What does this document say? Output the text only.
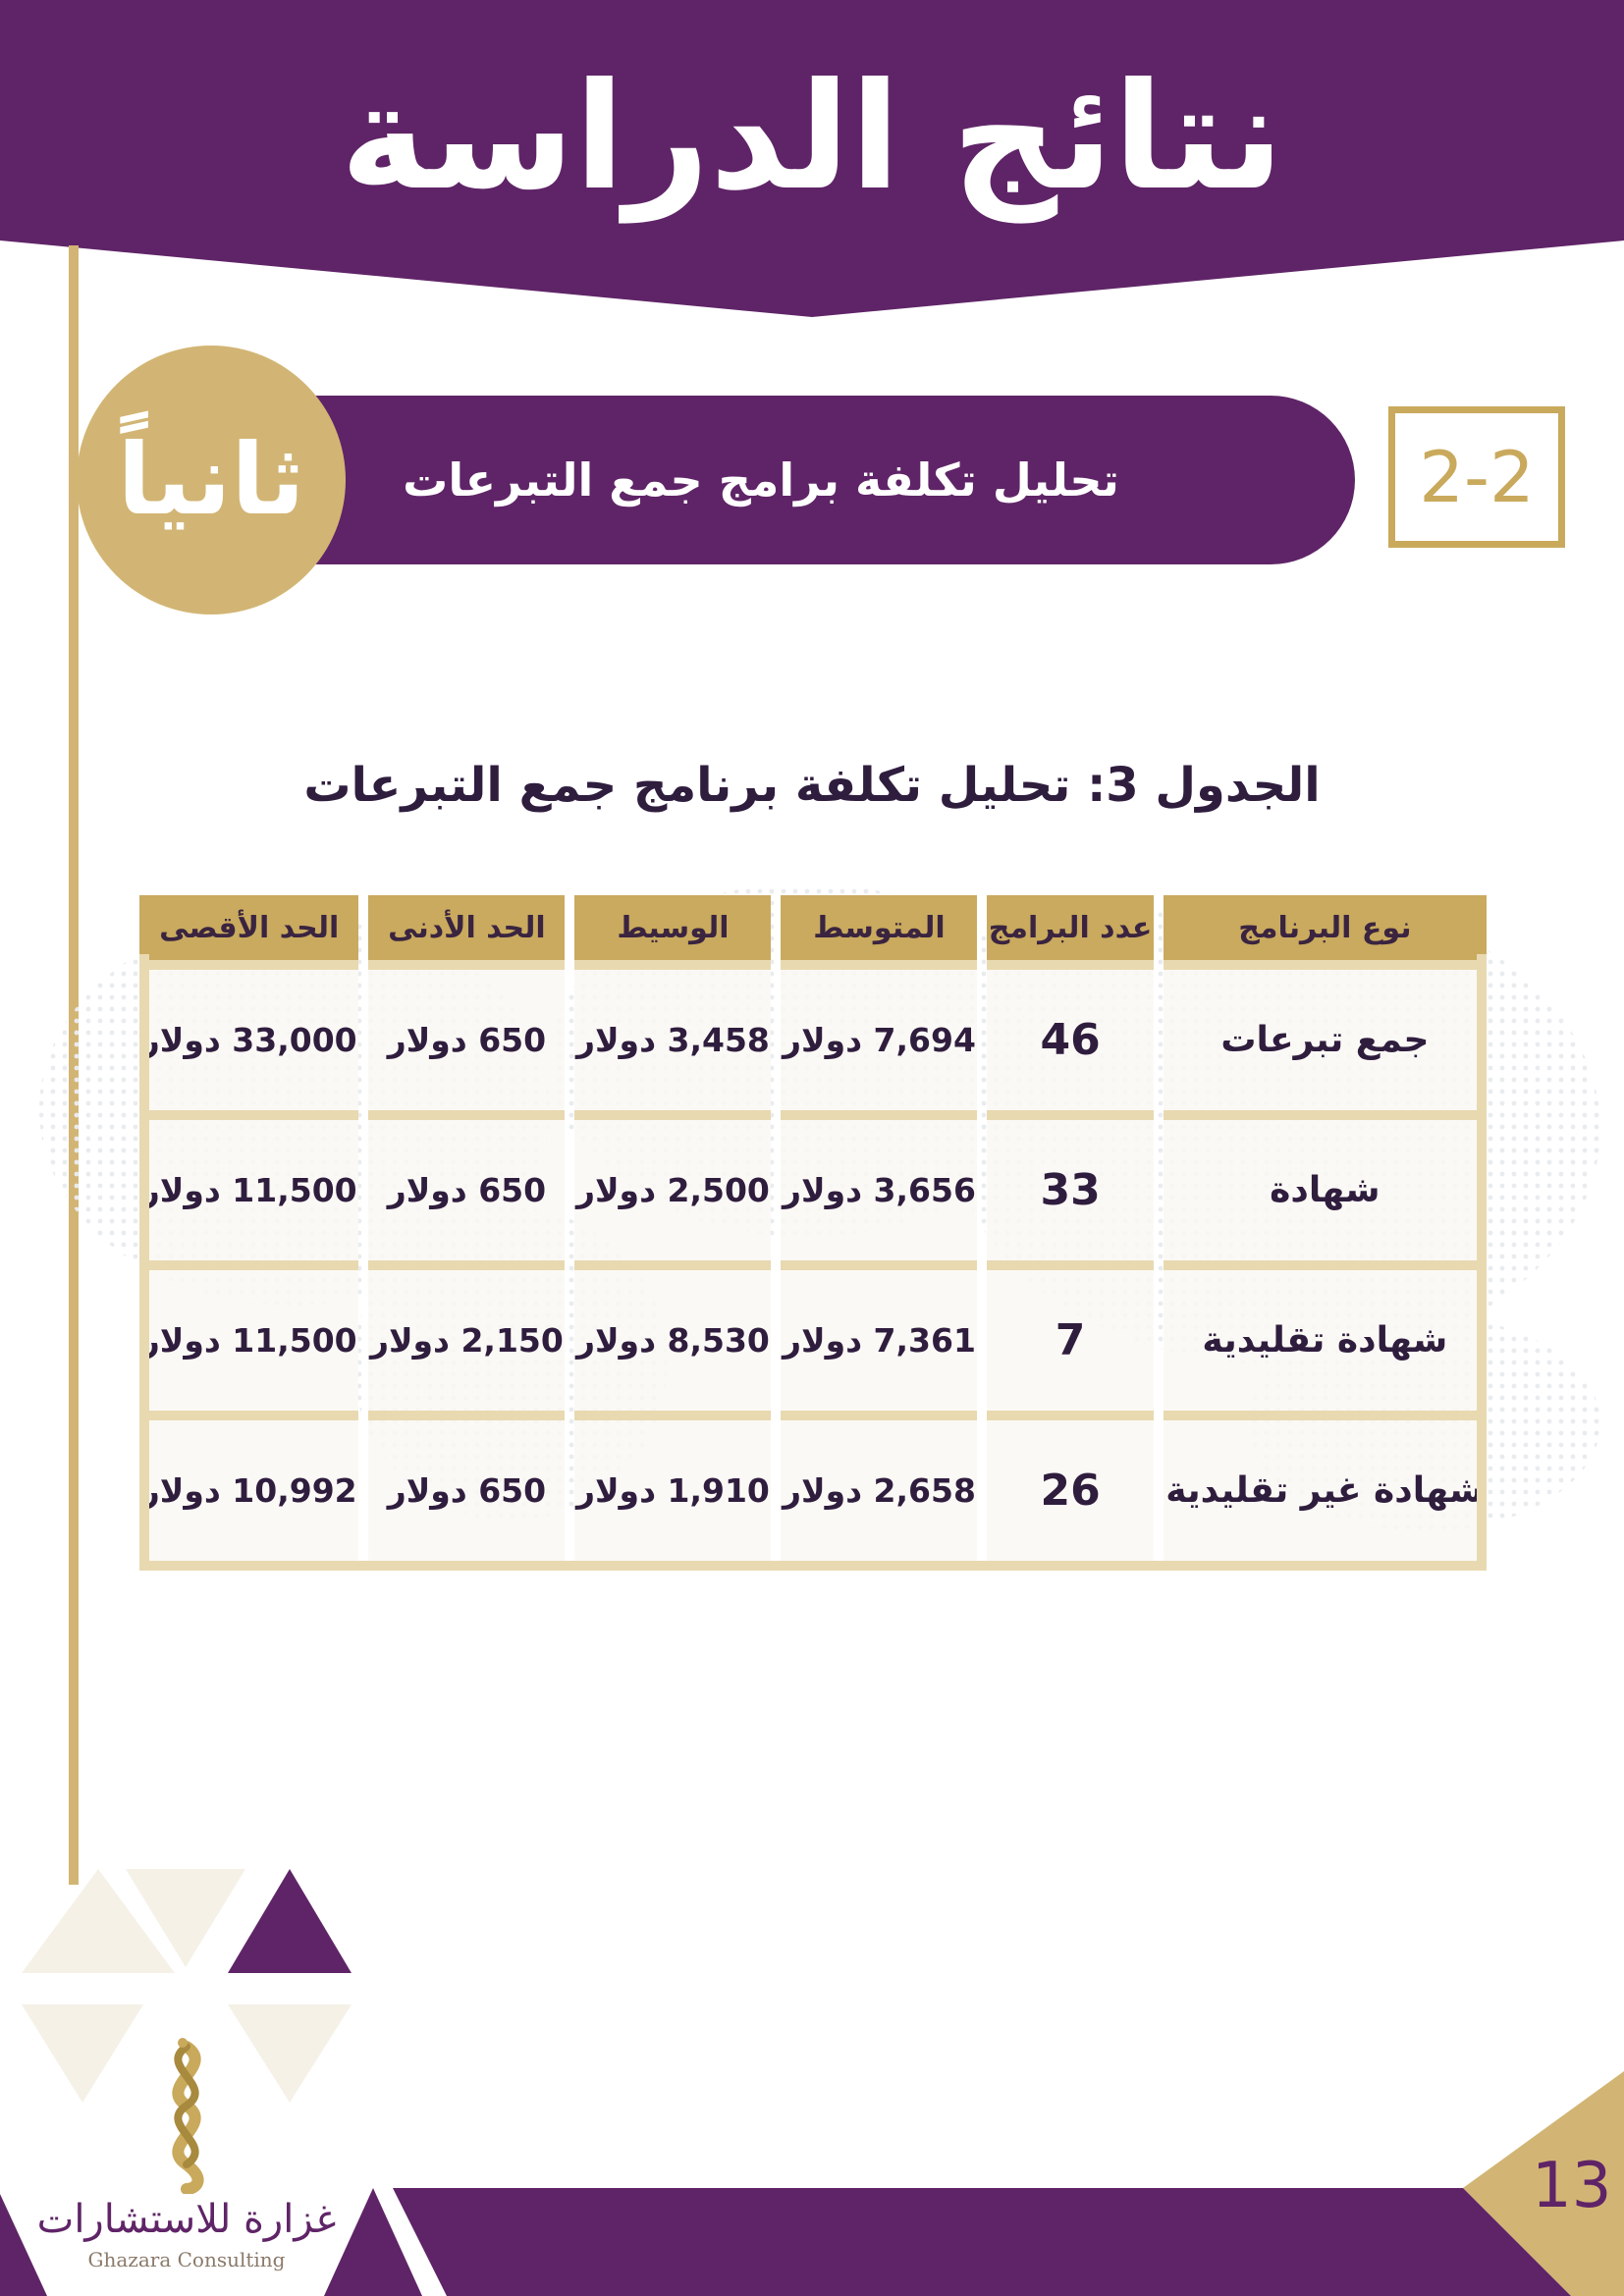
نتائج الدراسة
تحليل تكلفة برامج جمع التبرعات
ثانياً	2-2
الجدول 3: تحليل تكلفة برنامج جمع التبرعات
نوع البرنامج	عدد البرامج	المتوسط	الوسيط	الحد الأدنى	الحد الأقصى
جمع تبرعات	46	7,694 دولار	3,458 دولار	650 دولار	33,000 دولار
شهادة	33	3,656 دولار	2,500 دولار	650 دولار	11,500 دولار
شهادة تقليدية	7	7,361 دولار	8,530 دولار	2,150 دولار	11,500 دولار
شهادة غير تقليدية	26	2,658 دولار	1,910 دولار	650 دولار	10,992 دولار
غزارة للاستشارات
Ghazara Consulting
13
